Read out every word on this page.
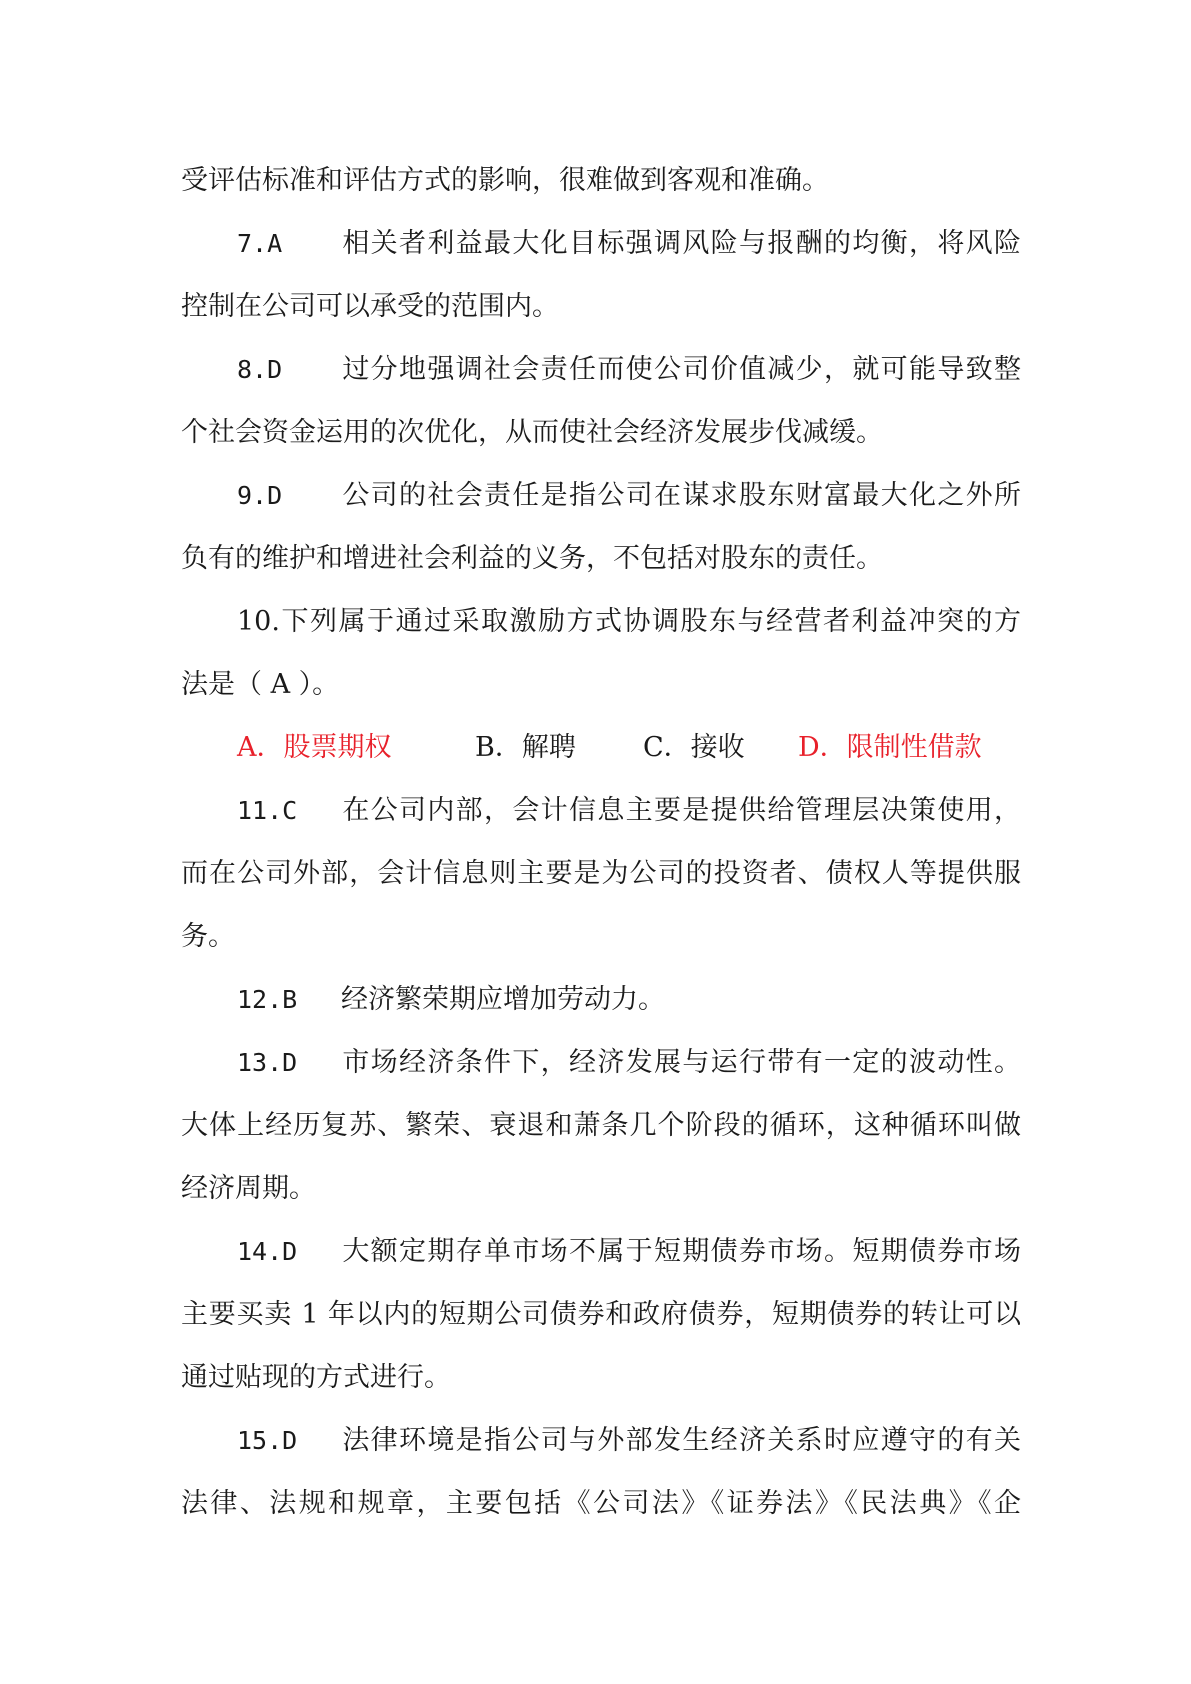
受评估标准和评估方式的影响，很难做到客观和准确。
7.A 相关者利益最大化目标强调风险与报酬的均衡，将风险
控制在公司可以承受的范围内。
8.D 过分地强调社会责任而使公司价值减少，就可能导致整
个社会资金运用的次优化，从而使社会经济发展步伐减缓。
9.D 公司的社会责任是指公司在谋求股东财富最大化之外所
负有的维护和增进社会利益的义务，不包括对股东的责任。
10.下列属于通过采取激励方式协调股东与经营者利益冲突的方
法是（ A ）。
A．股票期权	B．解聘 C．接收 D．限制性借款
11.C 在公司内部，会计信息主要是提供给管理层决策使用，
而在公司外部，会计信息则主要是为公司的投资者、债权人等提供服
务。
12.B 经济繁荣期应增加劳动力。
13.D 市场经济条件下，经济发展与运行带有一定的波动性。
大体上经历复苏、繁荣、衰退和萧条几个阶段的循环，这种循环叫做
经济周期。
14.D 大额定期存单市场不属于短期债券市场。短期债券市场
主要买卖 1 年以内的短期公司债券和政府债券，短期债券的转让可以
通过贴现的方式进行。
15.D 法律环境是指公司与外部发生经济关系时应遵守的有关
法律、法规和规章，主要包括《公司法》《证券法》《民法典》《企
